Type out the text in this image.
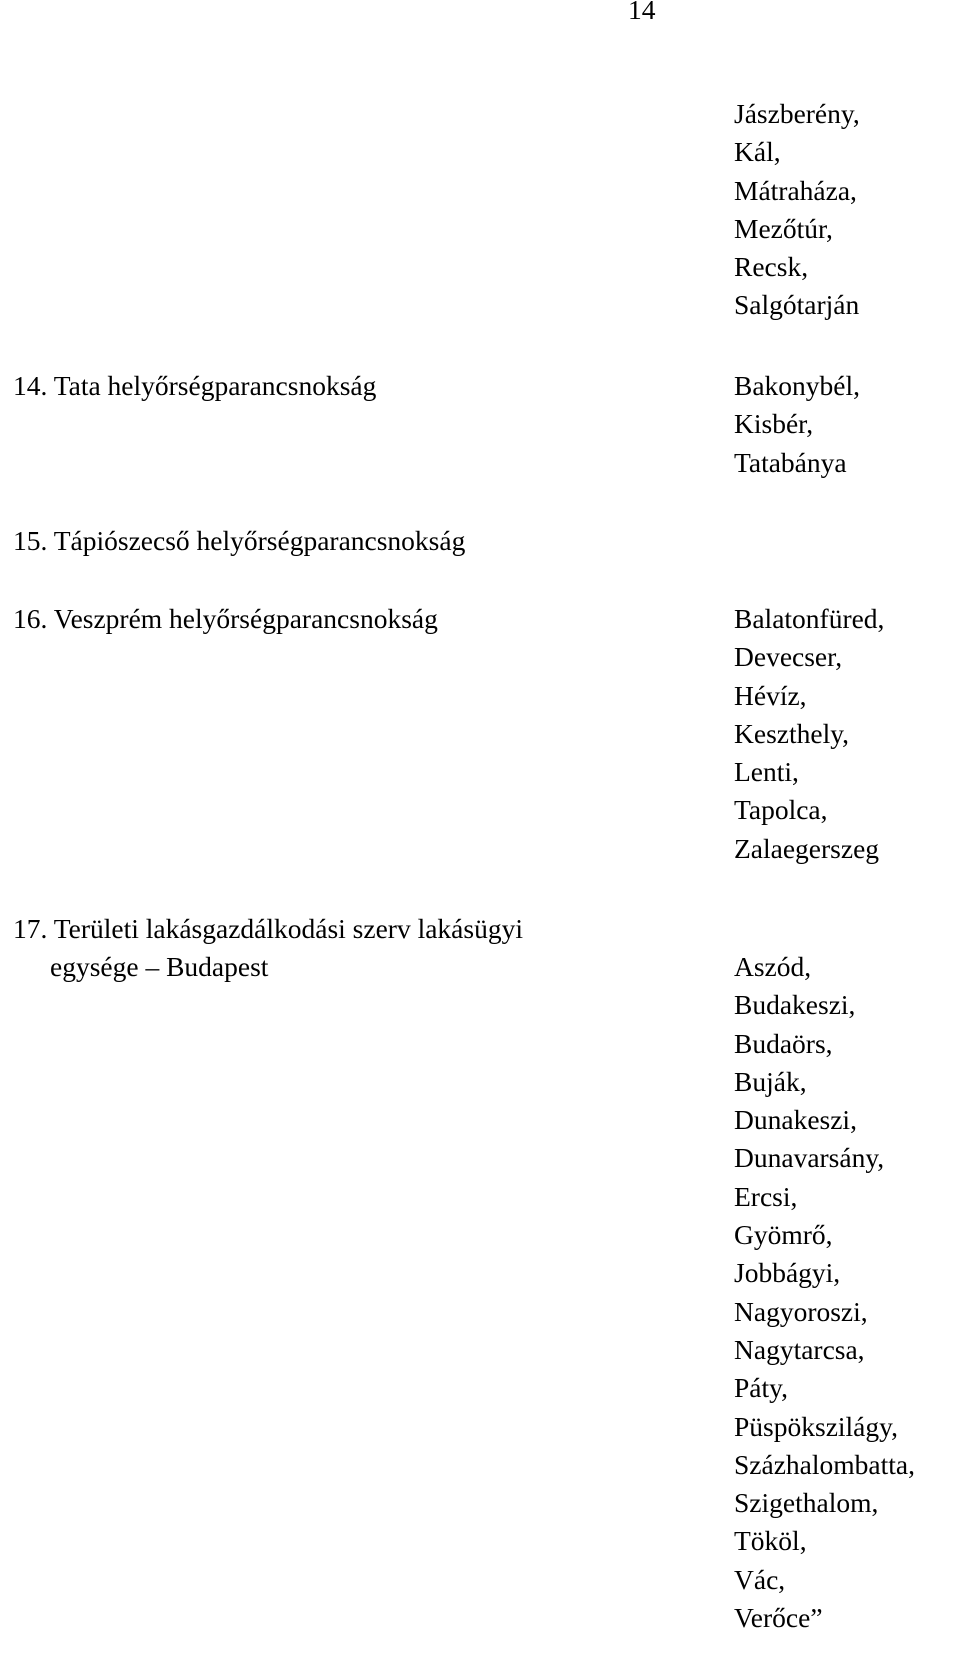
14
Jászberény,
Kál,
Mátraháza,
Mezőtúr,
Recsk,
Salgótarján
14. Tata helyőrségparancsnokság	Bakonybél,
Kisbér,
Tatabánya
15. Tápiószecső helyőrségparancsnokság
16. Veszprém helyőrségparancsnokság	Balatonfüred,
Devecser,
Hévíz,
Keszthely,
Lenti,
Tapolca,
Zalaegerszeg
17. Területi lakásgazdálkodási szerv lakásügyi
egysége – Budapest	Aszód,
Budakeszi,
Budaörs,
Buják,
Dunakeszi,
Dunavarsány,
Ercsi,
Gyömrő,
Jobbágyi,
Nagyoroszi,
Nagytarcsa,
Páty,
Püspökszilágy,
Százhalombatta,
Szigethalom,
Tököl,
Vác,
Verőce”
